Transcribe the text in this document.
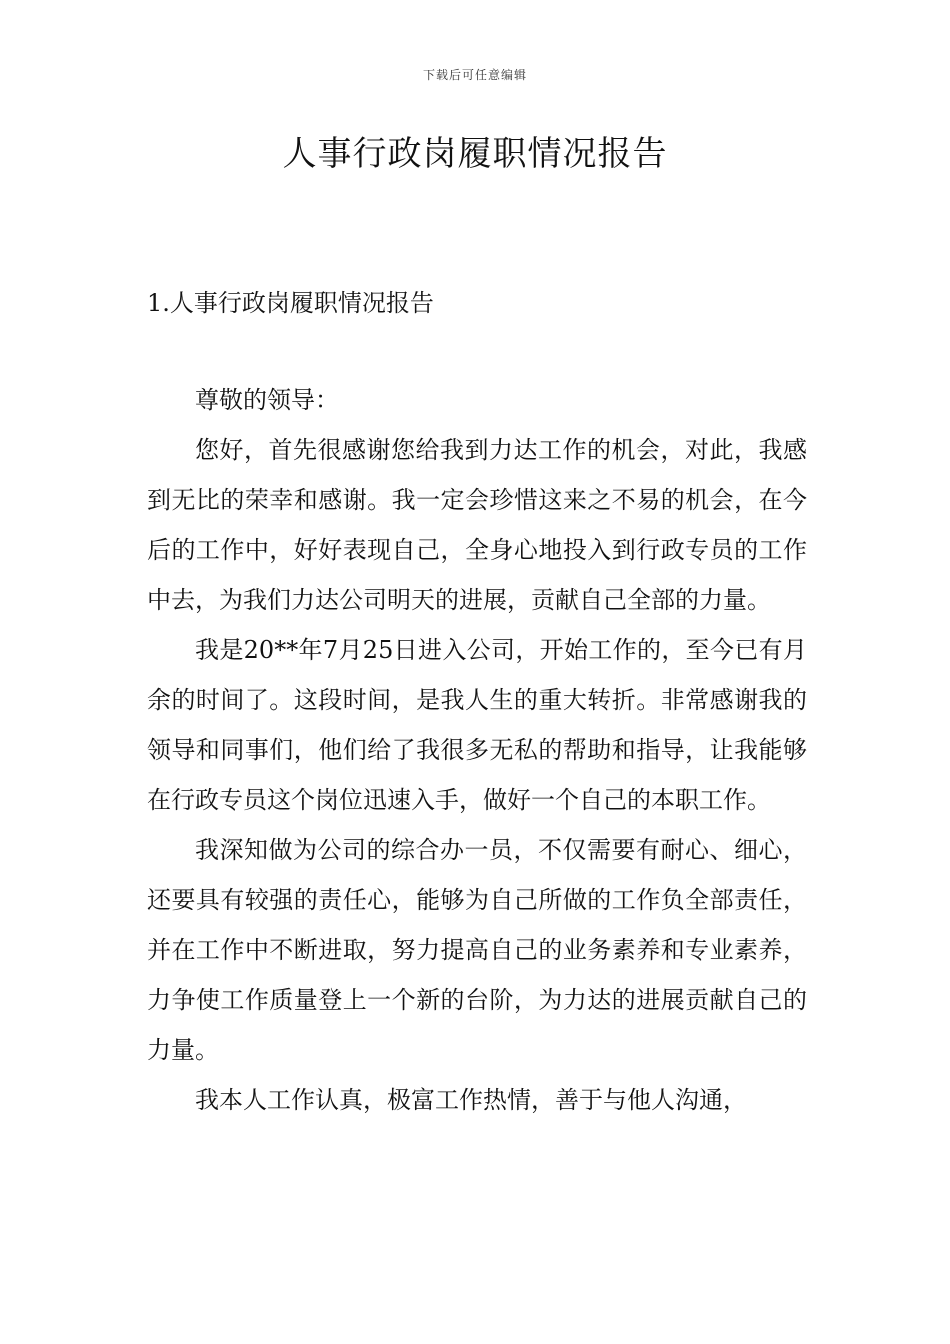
下载后可任意编辑
人事行政岗履职情况报告
1.人事行政岗履职情况报告

尊敬的领导：

您好，首先很感谢您给我到力达工作的机会，对此，我感到无比的荣幸和感谢。我一定会珍惜这来之不易的机会，在今后的工作中，好好表现自己，全身心地投入到行政专员的工作中去，为我们力达公司明天的进展，贡献自己全部的力量。

我是20**年7月25日进入公司，开始工作的，至今已有月余的时间了。这段时间，是我人生的重大转折。非常感谢我的领导和同事们，他们给了我很多无私的帮助和指导，让我能够在行政专员这个岗位迅速入手，做好一个自己的本职工作。

我深知做为公司的综合办一员，不仅需要有耐心、细心，还要具有较强的责任心，能够为自己所做的工作负全部责任，并在工作中不断进取，努力提高自己的业务素养和专业素养，力争使工作质量登上一个新的台阶，为力达的进展贡献自己的力量。

我本人工作认真，极富工作热情，善于与他人沟通，
